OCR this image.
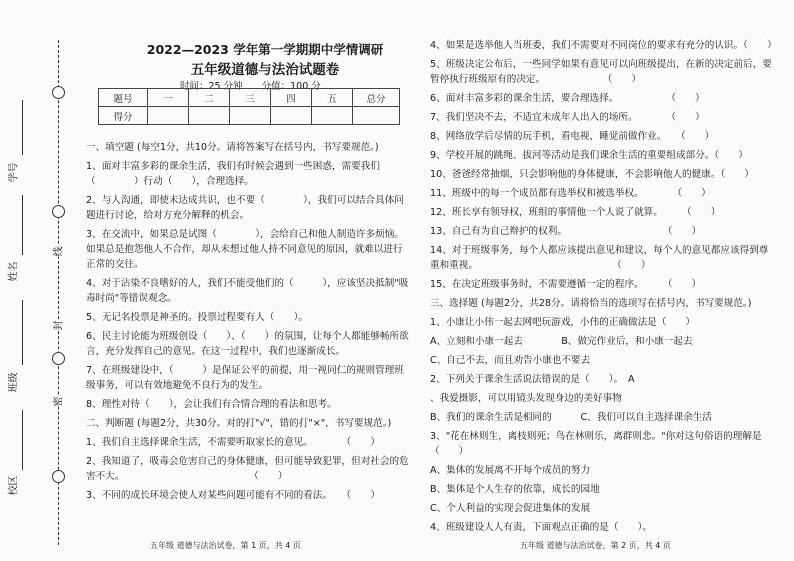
线
封
密
学号
姓名
班级
校区
2022—2023 学年第一学期期中学情调研
五年级道德与法治试题卷
时间：25 分钟 分值：100 分
题号	一	二	三	四	五	总分
得分						

一、填空题 (每空1分，共10分。请将答案写在括号内，书写要规范。)

1、面对丰富多彩的课余生活，我们有时候会遇到一些困惑，需要我们（　　　　）行动（　　），合理选择。

2、与人沟通，即使未达成共识，也不要（　　　　），我们可以结合具体问题进行讨论，给对方充分解释的机会。

3、在交流中，如果总是试图（　　　　），会给自己和他人制造许多烦恼。如果总是抱怨他人不合作，却从未想过他人持不同意见的原因，就难以进行正常的交往。

4、对于沾染不良嗜好的人，我们不能受他们的（　　　），应该坚决抵制"吸毒时尚"等错误观念。

5、无记名投票是神圣的。投票过程要有人（　　）。

6、民主讨论能为班级创设（　　）、（　　）的氛围，让每个人都能够畅所欲言，充分发挥自己的意见。在这一过程中，我们也逐渐成长。

7、在班级建设中，（　　　）是保证公平的前提，用一视同仁的规则管理班级事务，可以有效地避免不良行为的发生。

8、理性对待（　　），会让我们有合情合理的看法和思考。

二、判断题 (每题2分，共30分。对的打"√"，错的打"×"，书写要规范。)

1、我们自主选择课余生活，不需要听取家长的意见。　　　　（　　）

2、我知道了，吸毒会危害自己的身体健康，但可能导致犯罪，但对社会的危害不大。　　　　　　　　　　　　　　（　　）

3、不同的成长环境会使人对某些问题可能有不同的看法。　　（　　）

4、如果是选举他人当班委，我们不需要对不同岗位的要求有充分的认识。（　　）

5、班级决定公布后，一些同学如果有意见可以向班级提出，在新的决定前后，要暂停执行班级原有的决定。　　　　　　　（　　）

6、面对丰富多彩的课余生活，要合理选择。　　　　　　（　　）

7、我们坚决不去，不适宜未成年人出入的场所。　　　　（　　）

8、网络放学后尽情的玩手机，看电视，睡觉前做作业。　　（　　）

9、学校开展的跳绳、拔河等活动是我们课余生活的重要组成部分。（　　）

10、爸爸经常抽烟，只会影响他的身体健康，不会影响他人的健康。（　　）

11、班级中的每一个成员都有选举权和被选举权。　　　　（　　）

12、班长享有领导权，班组的事情他一个人说了就算。　　　（　　）

13、自己有为自己辩护的权利。　　　　　　　　　　　（　　）

14、对于班级事务，每个人都应该提出意见和建议，每个人的意见都应该得到尊重和重视。　　　　　　　　　　　　　　　（　　）

15、在决定班级事务时，不需要遵循一定的程序。　　　（　　）

三、选择题 (每题2分，共28分。请将恰当的选项写在括号内，书写要规范。)

1、小康让小伟一起去网吧玩游戏，小伟的正确做法是（　　）

A、立刻和小康一起去　　　　B、做完作业后，和小康一起去

C、自己不去，而且劝告小康也不要去

2、下列关于课余生活说法错误的是（　　）。　A

、我爱摄影，可以用镜头发现身边的美好事物

B、我们的课余生活是相同的　　　C、我们可以自主选择课余生活

3、"花在林则生，离枝则死；鸟在林则乐，离群则悲。"你对这句俗语的理解是（　　）

A、集体的发展离不开每个成员的努力

B、集体是个人生存的依靠，成长的园地

C、个人利益的实现会促进集体的发展

4、班级建设人人有责，下面观点正确的是（　　）。

五年级 道德与法治试卷，第 1 页，共 4 页	五年级 道德与法治试卷，第 2 页，共 4 页
